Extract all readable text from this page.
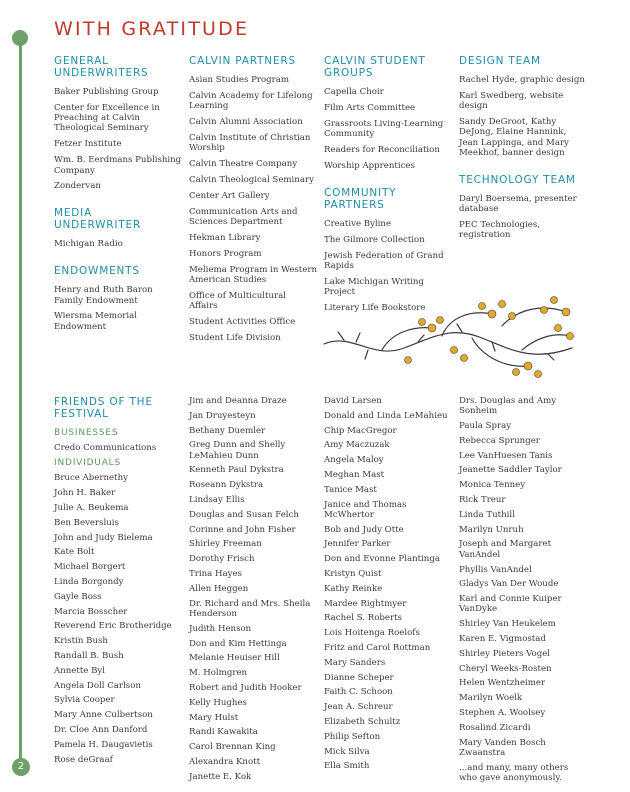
2
WITH GRATITUDE
GENERAL UNDERWRITERS
Baker Publishing Group
Center for Excellence in Preaching at Calvin Theological Seminary
Fetzer Institute
Wm. B. Eerdmans Publishing Company
Zondervan
MEDIA UNDERWRITER
Michigan Radio
ENDOWMENTS
Henry and Ruth Baron Family Endowment
Wiersma Memorial Endowment
CALVIN PARTNERS
Asian Studies Program
Calvin Academy for Lifelong Learning
Calvin Alumni Association
Calvin Institute of Christian Worship
Calvin Theatre Company
Calvin Theological Seminary
Center Art Gallery
Communication Arts and Sciences Department
Hekman Library
Honors Program
Meliema Program in Western American Studies
Office of Multicultural Affairs
Student Activities Office
Student Life Division
CALVIN STUDENT GROUPS
Capella Choir
Film Arts Committee
Grassroots Living-Learning Community
Readers for Reconciliation
Worship Apprentices
COMMUNITY PARTNERS
Creative Byline
The Gilmore Collection
Jewish Federation of Grand Rapids
Lake Michigan Writing Project
Literary Life Bookstore
DESIGN TEAM
Rachel Hyde, graphic design
Karl Swedberg, website design
Sandy DeGroot, Kathy DeJong, Elaine Hannink, Jean Lappinga, and Mary Meekhof, banner design
TECHNOLOGY TEAM
Daryl Boersema, presenter database
PEC Technologies, registration
FRIENDS OF THE FESTIVAL
BUSINESSES
Credo Communications
INDIVIDUALS
Bruce Abernethy
John H. Baker
Julie A. Beukema
Ben Beversluis
John and Judy Bielema
Kate Bolt
Michael Borgert
Linda Borgondy
Gayle Boss
Marcia Bosscher
Reverend Eric Brotheridge
Kristin Bush
Randall B. Bush
Annette Byl
Angela Doll Carlson
Sylvia Cooper
Mary Anne Culbertson
Dr. Cloe Ann Danford
Pamela H. Daugavietis
Rose deGraaf
Jim and Deanna Draze
Jan Druyesteyn
Bethany Duemler
Greg Dunn and Shelly LeMahieu Dunn
Kenneth Paul Dykstra
Roseann Dykstra
Lindsay Ellis
Douglas and Susan Felch
Corinne and John Fisher
Shirley Freeman
Dorothy Frisch
Trina Hayes
Allen Heggen
Dr. Richard and Mrs. Sheila Henderson
Judith Henson
Don and Kim Hettinga
Melanie Heuiser Hill
M. Holmgren
Robert and Judith Hooker
Kelly Hughes
Mary Hulst
Randi Kawakita
Carol Brennan King
Alexandra Knott
Janette E. Kok
David Larsen
Donald and Linda LeMahieu
Chip MacGregor
Amy Maczuzak
Angela Maloy
Meghan Mast
Tanice Mast
Janice and Thomas McWhertor
Bob and Judy Otte
Jennifer Parker
Don and Evonne Plantinga
Kristyn Quist
Kathy Reinke
Mardee Rightmyer
Rachel S. Roberts
Lois Hoitenga Roelofs
Fritz and Carol Rottman
Mary Sanders
Dianne Scheper
Faith C. Schoon
Jean A. Schreur
Elizabeth Schultz
Philip Sefton
Mick Silva
Ella Smith
Drs. Douglas and Amy Sonheim
Paula Spray
Rebecca Sprunger
Lee VanHuesen Tanis
Jeanette Saddler Taylor
Monica Tenney
Rick Treur
Linda Tuthill
Marilyn Unruh
Joseph and Margaret VanAndel
Phyllis VanAndel
Gladys Van Der Woude
Karl and Connie Kuiper VanDyke
Shirley Van Heukelem
Karen E. Vigmostad
Shirley Pieters Vogel
Cheryl Weeks-Rosten
Helen Wentzheimer
Marilyn Woelk
Stephen A. Woolsey
Rosalind Zicardi
Mary Vanden Bosch Zwaanstra
...and many, many others who gave anonymously.
